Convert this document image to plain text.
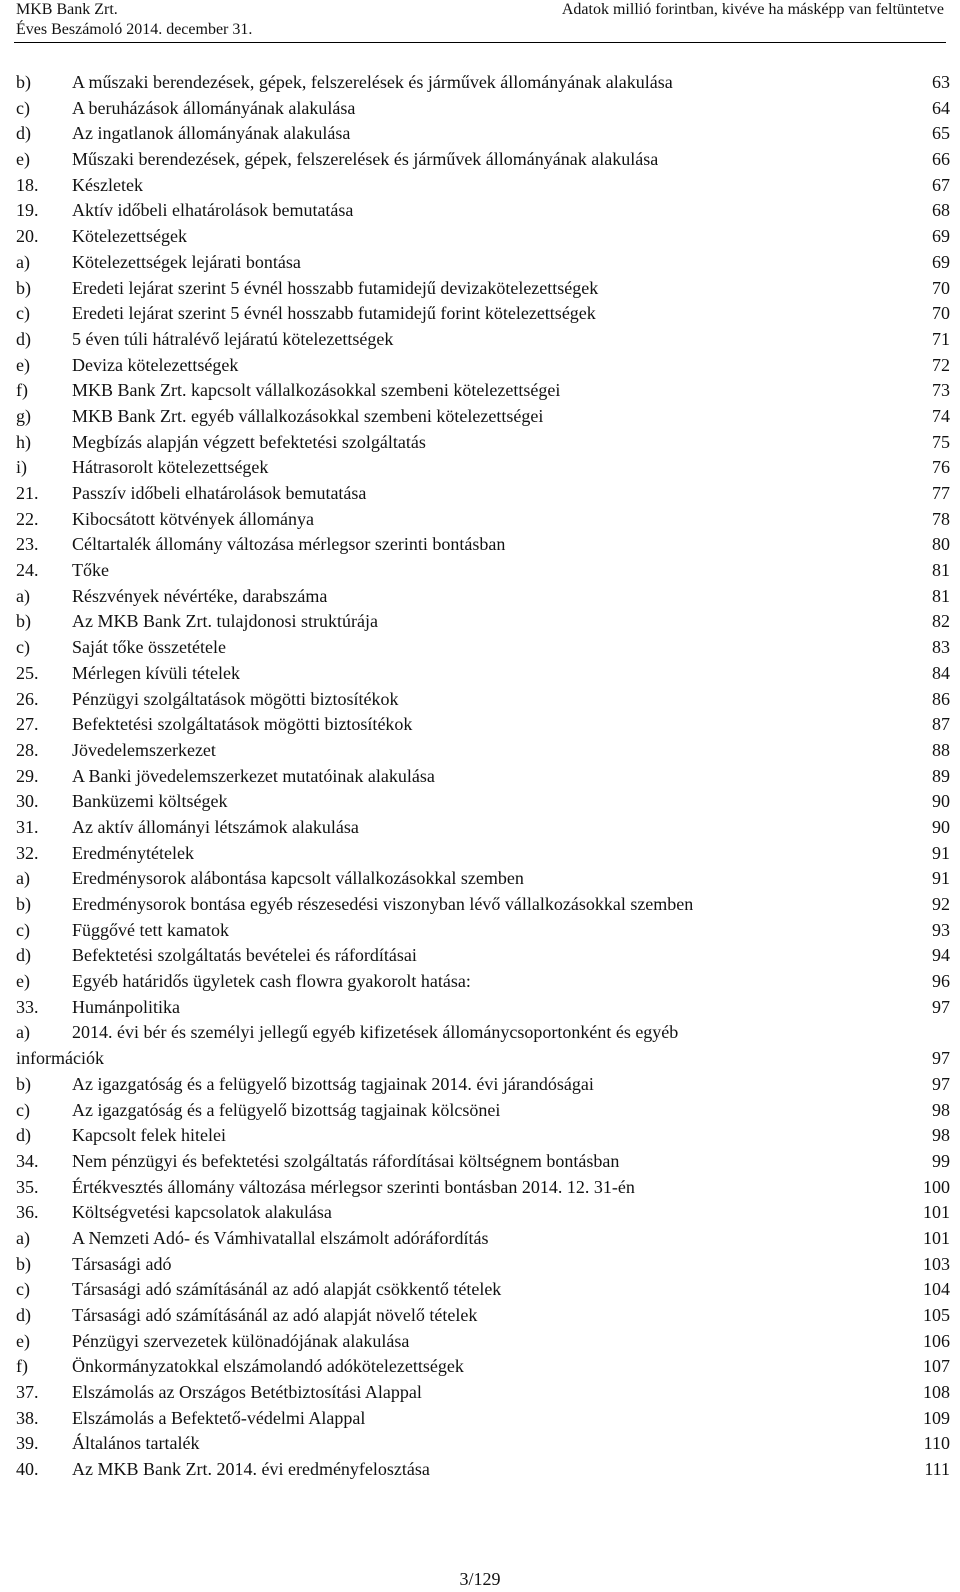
MKB Bank Zrt.
Éves Beszámoló 2014. december 31.
Adatok millió forintban, kivéve ha másképp van feltüntetve
b) A műszaki berendezések, gépek, felszerelések és járművek állományának alakulása	63
c) A beruházások állományának alakulása	64
d) Az ingatlanok állományának alakulása	65
e) Műszaki berendezések, gépek, felszerelések és járművek állományának alakulása	66
18. Készletek	67
19. Aktív időbeli elhatárolások bemutatása	68
20. Kötelezettségek	69
a) Kötelezettségek lejárati bontása	69
b) Eredeti lejárat szerint 5 évnél hosszabb futamidejű devizakötelezettségek	70
c) Eredeti lejárat szerint 5 évnél hosszabb futamidejű forint kötelezettségek	70
d) 5 éven túli hátralévő lejáratú kötelezettségek	71
e) Deviza kötelezettségek	72
f) MKB Bank Zrt. kapcsolt vállalkozásokkal szembeni kötelezettségei	73
g) MKB Bank Zrt. egyéb vállalkozásokkal szembeni kötelezettségei	74
h) Megbízás alapján végzett befektetési szolgáltatás	75
i)	Hátrasorolt kötelezettségek	76
21. Passzív időbeli elhatárolások bemutatása	77
22. Kibocsátott kötvények állománya	78
23. Céltartalék állomány változása mérlegsor szerinti bontásban	80
24. Tőke	81
a) Részvények névértéke, darabszáma	81
b) Az MKB Bank Zrt. tulajdonosi struktúrája	82
c) Saját tőke összetétele	83
25. Mérlegen kívüli tételek	84
26. Pénzügyi szolgáltatások mögötti biztosítékok	86
27. Befektetési szolgáltatások mögötti biztosítékok	87
28. Jövedelemszerkezet	88
29. A Banki jövedelemszerkezet mutatóinak alakulása	89
30. Banküzemi költségek	90
31. Az aktív állományi létszámok alakulása	90
32. Eredménytételek	91
a) Eredménysorok alábontása kapcsolt vállalkozásokkal szemben	91
b) Eredménysorok bontása egyéb részesedési viszonyban lévő vállalkozásokkal szemben	92
c) Függővé tett kamatok	93
d) Befektetési szolgáltatás bevételei és ráfordításai	94
e) Egyéb határidős ügyletek cash flowra gyakorolt hatása:	96
33. Humánpolitika	97
a) 2014. évi bér és személyi jellegű egyéb kifizetések állománycsoportonként és egyéb
információk	97
b) Az igazgatóság és a felügyelő bizottság tagjainak 2014. évi járandóságai	97
c) Az igazgatóság és a felügyelő bizottság tagjainak kölcsönei	98
d) Kapcsolt felek hitelei	98
34. Nem pénzügyi és befektetési szolgáltatás ráfordításai költségnem bontásban	99
35. Értékvesztés állomány változása mérlegsor szerinti bontásban 2014. 12. 31-én	100
36. Költségvetési kapcsolatok alakulása	101
a) A Nemzeti Adó- és Vámhivatallal elszámolt adóráfordítás	101
b) Társasági adó	103
c) Társasági adó számításánál az adó alapját csökkentő tételek	104
d) Társasági adó számításánál az adó alapját növelő tételek	105
e) Pénzügyi szervezetek különadójának alakulása	106
f) Önkormányzatokkal elszámolandó adókötelezettségek	107
37. Elszámolás az Országos Betétbiztosítási Alappal	108
38. Elszámolás a Befektető-védelmi Alappal	109
39. Általános tartalék	110
40. Az MKB Bank Zrt. 2014. évi eredményfelosztása	111
3/129
